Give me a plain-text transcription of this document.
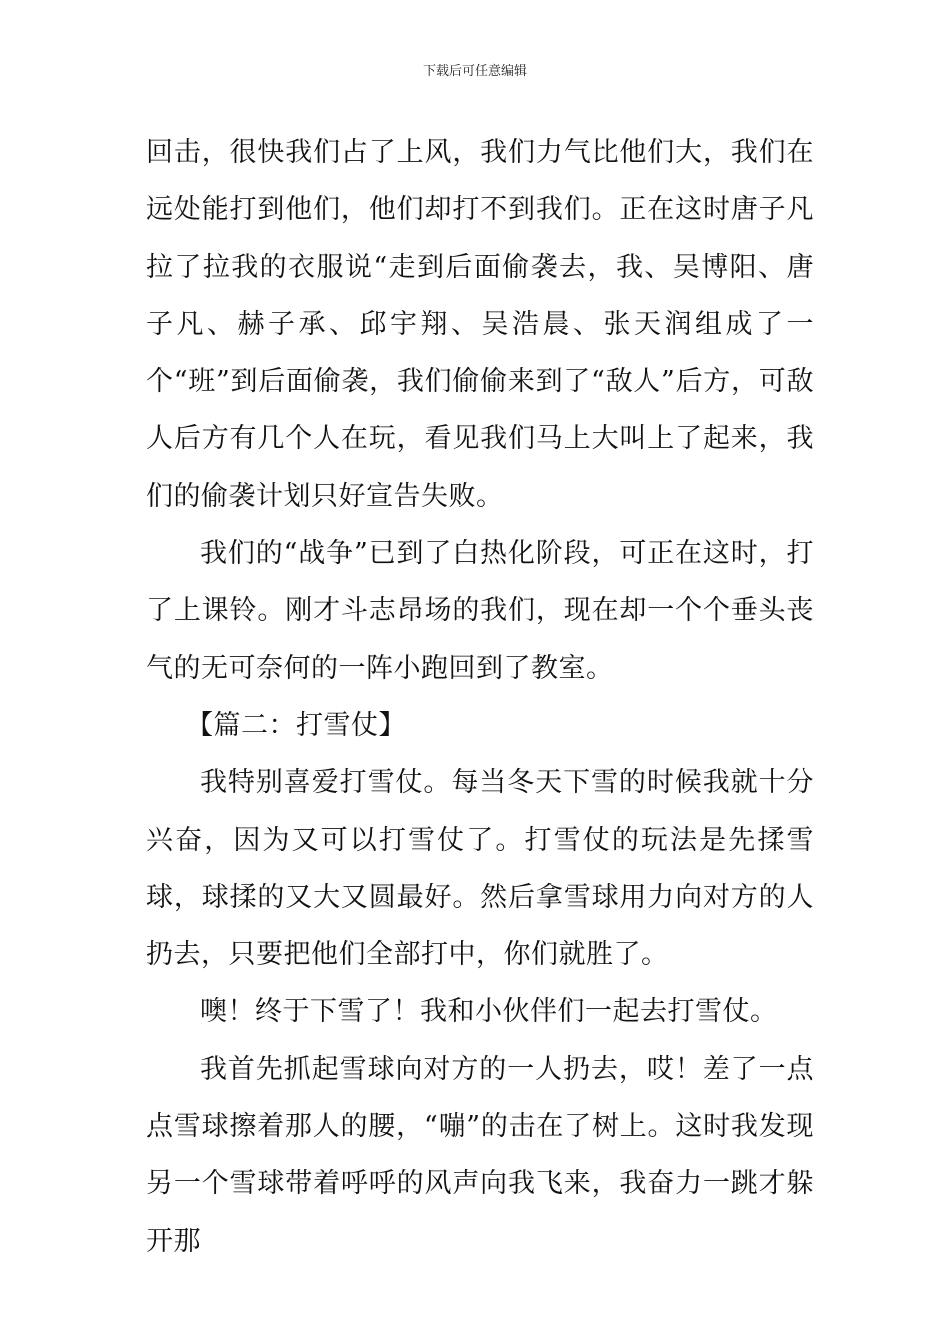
下载后可任意编辑

回击，很快我们占了上风，我们力气比他们大，我们在远处能打到他们，他们却打不到我们。正在这时唐子凡拉了拉我的衣服说“走到后面偷袭去，我、吴博阳、唐子凡、赫子承、邱宇翔、吴浩晨、张天润组成了一个“班”到后面偷袭，我们偷偷来到了“敌人”后方，可敌人后方有几个人在玩，看见我们马上大叫上了起来，我们的偷袭计划只好宣告失败。

我们的“战争”已到了白热化阶段，可正在这时，打了上课铃。刚才斗志昂场的我们，现在却一个个垂头丧气的无可奈何的一阵小跑回到了教室。

【篇二：打雪仗】

我特别喜爱打雪仗。每当冬天下雪的时候我就十分兴奋，因为又可以打雪仗了。打雪仗的玩法是先揉雪球，球揉的又大又圆最好。然后拿雪球用力向对方的人扔去，只要把他们全部打中，你们就胜了。

噢！终于下雪了！我和小伙伴们一起去打雪仗。

我首先抓起雪球向对方的一人扔去，哎！差了一点点雪球擦着那人的腰，“嘣”的击在了树上。这时我发现另一个雪球带着呼呼的风声向我飞来，我奋力一跳才躲开那
